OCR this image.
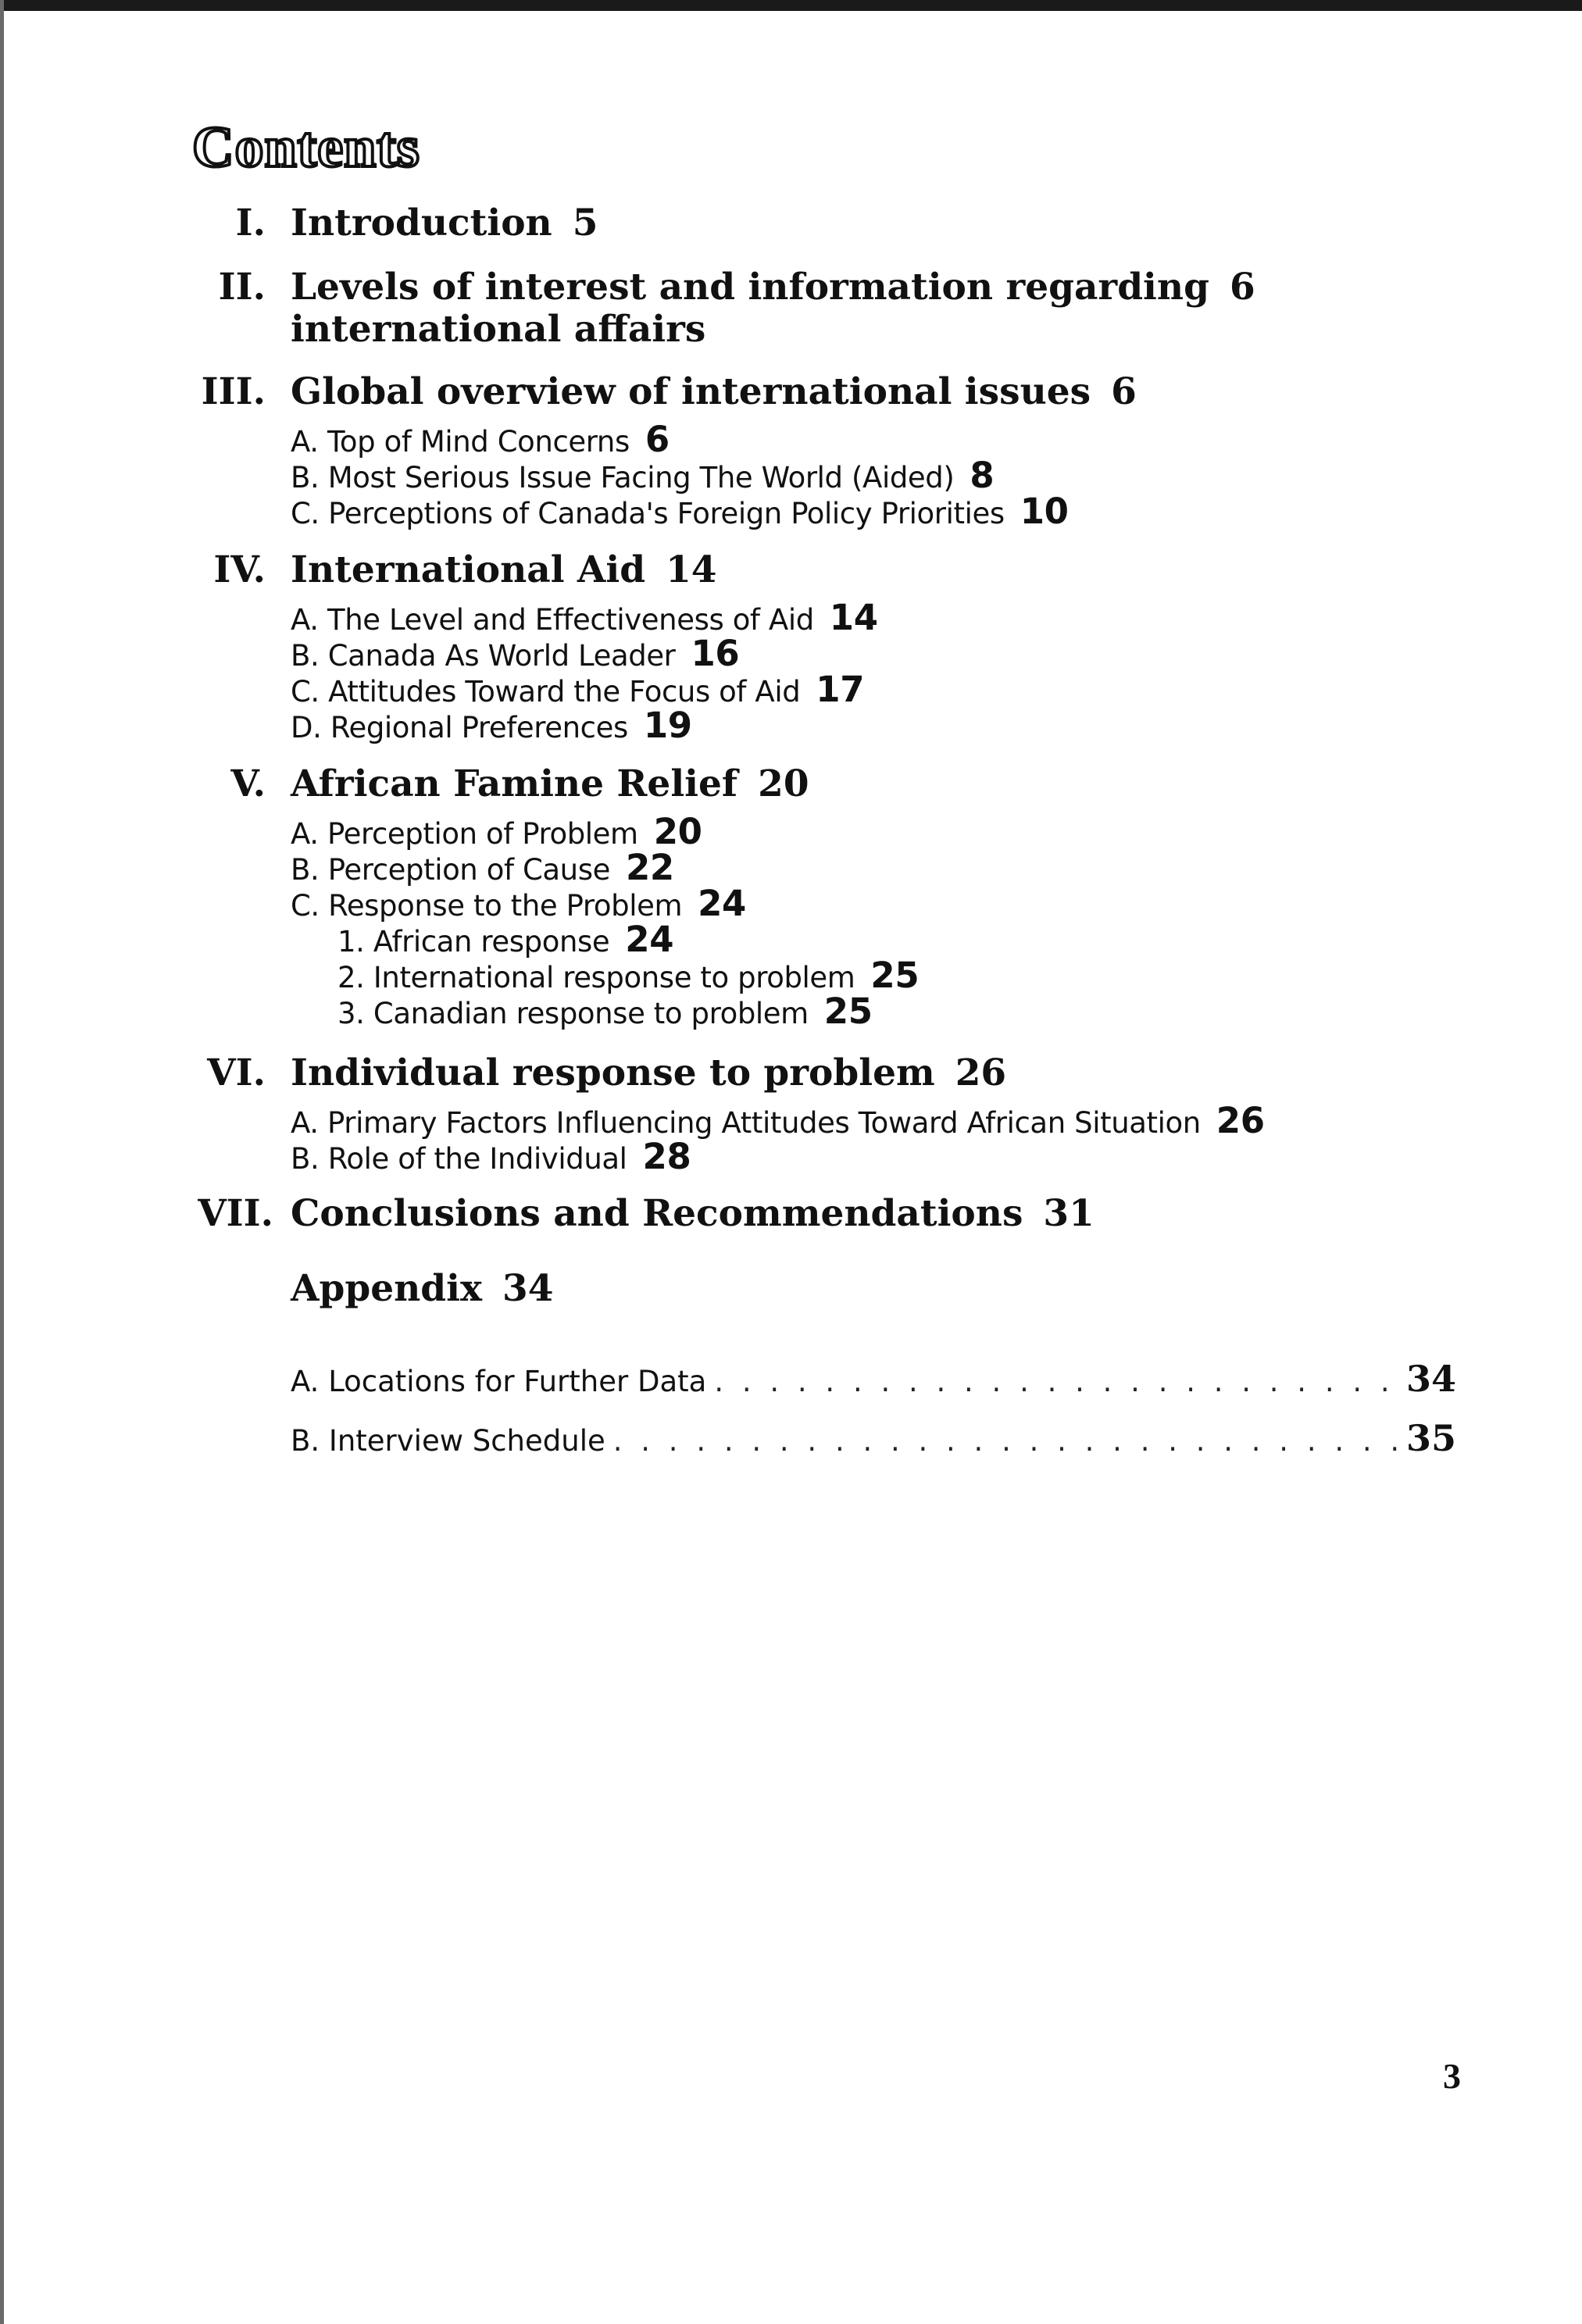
Contents
I. Introduction 5
II. Levels of interest and information regarding 6
international affairs
III. Global overview of international issues 6
A. Top of Mind Concerns 6
B. Most Serious Issue Facing The World (Aided) 8
C. Perceptions of Canada's Foreign Policy Priorities 10
IV. International Aid 14
A. The Level and Effectiveness of Aid 14
B. Canada As World Leader 16
C. Attitudes Toward the Focus of Aid 17
D. Regional Preferences 19
V. African Famine Relief 20
A. Perception of Problem 20
B. Perception of Cause 22
C. Response to the Problem 24
1. African response 24
2. International response to problem 25
3. Canadian response to problem 25
VI. Individual response to problem 26
A. Primary Factors Influencing Attitudes Toward African Situation 26
B. Role of the Individual 28
VII. Conclusions and Recommendations 31
Appendix 34
A.
Locations for Further Data . . .	34
B.
Interview Schedule . . .	35
3
